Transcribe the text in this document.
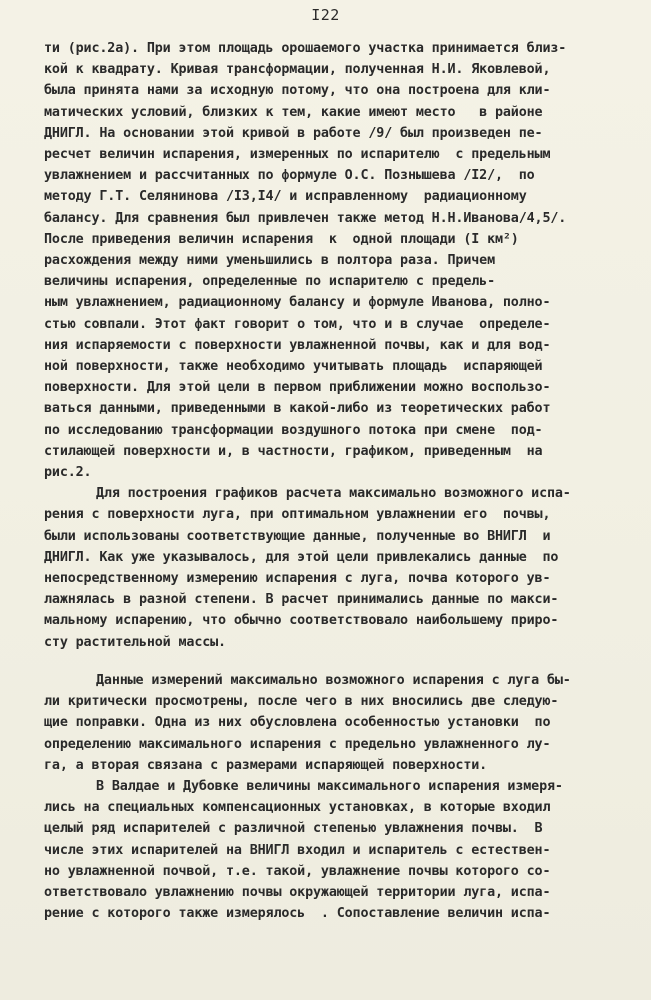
I22
ти (рис.2а). При этом площадь орошаемого участка принимается близ-
кой к квадрату. Кривая трансформации, полученная Н.И. Яковлевой,
была принята нами за исходную потому, что она построена для кли-
матических условий, близких к тем, какие имеют место   в районе
ДНИГЛ. На основании этой кривой в работе /9/ был произведен пе-
ресчет величин испарения, измеренных по испарителю  с предельным
увлажнением и рассчитанных по формуле О.С. Познышева /I2/,  по
методу Г.Т. Селянинова /I3,I4/ и исправленному  радиационному
балансу. Для сравнения был привлечен также метод Н.Н.Иванова/4,5/.
После приведения величин испарения  к  одной площади (I км²)
расхождения между ними уменьшились в полтора раза. Причем
величины испарения, определенные по испарителю с предель-
ным увлажнением, радиационному балансу и формуле Иванова, полно-
стью совпали. Этот факт говорит о том, что и в случае  определе-
ния испаряемости с поверхности увлажненной почвы, как и для вод-
ной поверхности, также необходимо учитывать площадь  испаряющей
поверхности. Для этой цели в первом приближении можно воспользо-
ваться данными, приведенными в какой-либо из теоретических работ
по исследованию трансформации воздушного потока при смене  под-
стилающей поверхности и, в частности, графиком, приведенным  на
рис.2.
Для построения графиков расчета максимально возможного испа-
рения с поверхности луга, при оптимальном увлажнении его  почвы,
были использованы соответствующие данные, полученные во ВНИГЛ  и
ДНИГЛ. Как уже указывалось, для этой цели привлекались данные  по
непосредственному измерению испарения с луга, почва которого ув-
лажнялась в разной степени. В расчет принимались данные по макси-
мальному испарению, что обычно соответствовало наибольшему приро-
сту растительной массы.
Данные измерений максимально возможного испарения с луга бы-
ли критически просмотрены, после чего в них вносились две следую-
щие поправки. Одна из них обусловлена особенностью установки  по
определению максимального испарения с предельно увлажненного лу-
га, а вторая связана с размерами испаряющей поверхности.
В Валдае и Дубовке величины максимального испарения измеря-
лись на специальных компенсационных установках, в которые входил
целый ряд испарителей с различной степенью увлажнения почвы.  В
числе этих испарителей на ВНИГЛ входил и испаритель с естествен-
но увлажненной почвой, т.е. такой, увлажнение почвы которого со-
ответствовало увлажнению почвы окружающей территории луга, испа-
рение с которого также измерялось  . Сопоставление величин испа-
